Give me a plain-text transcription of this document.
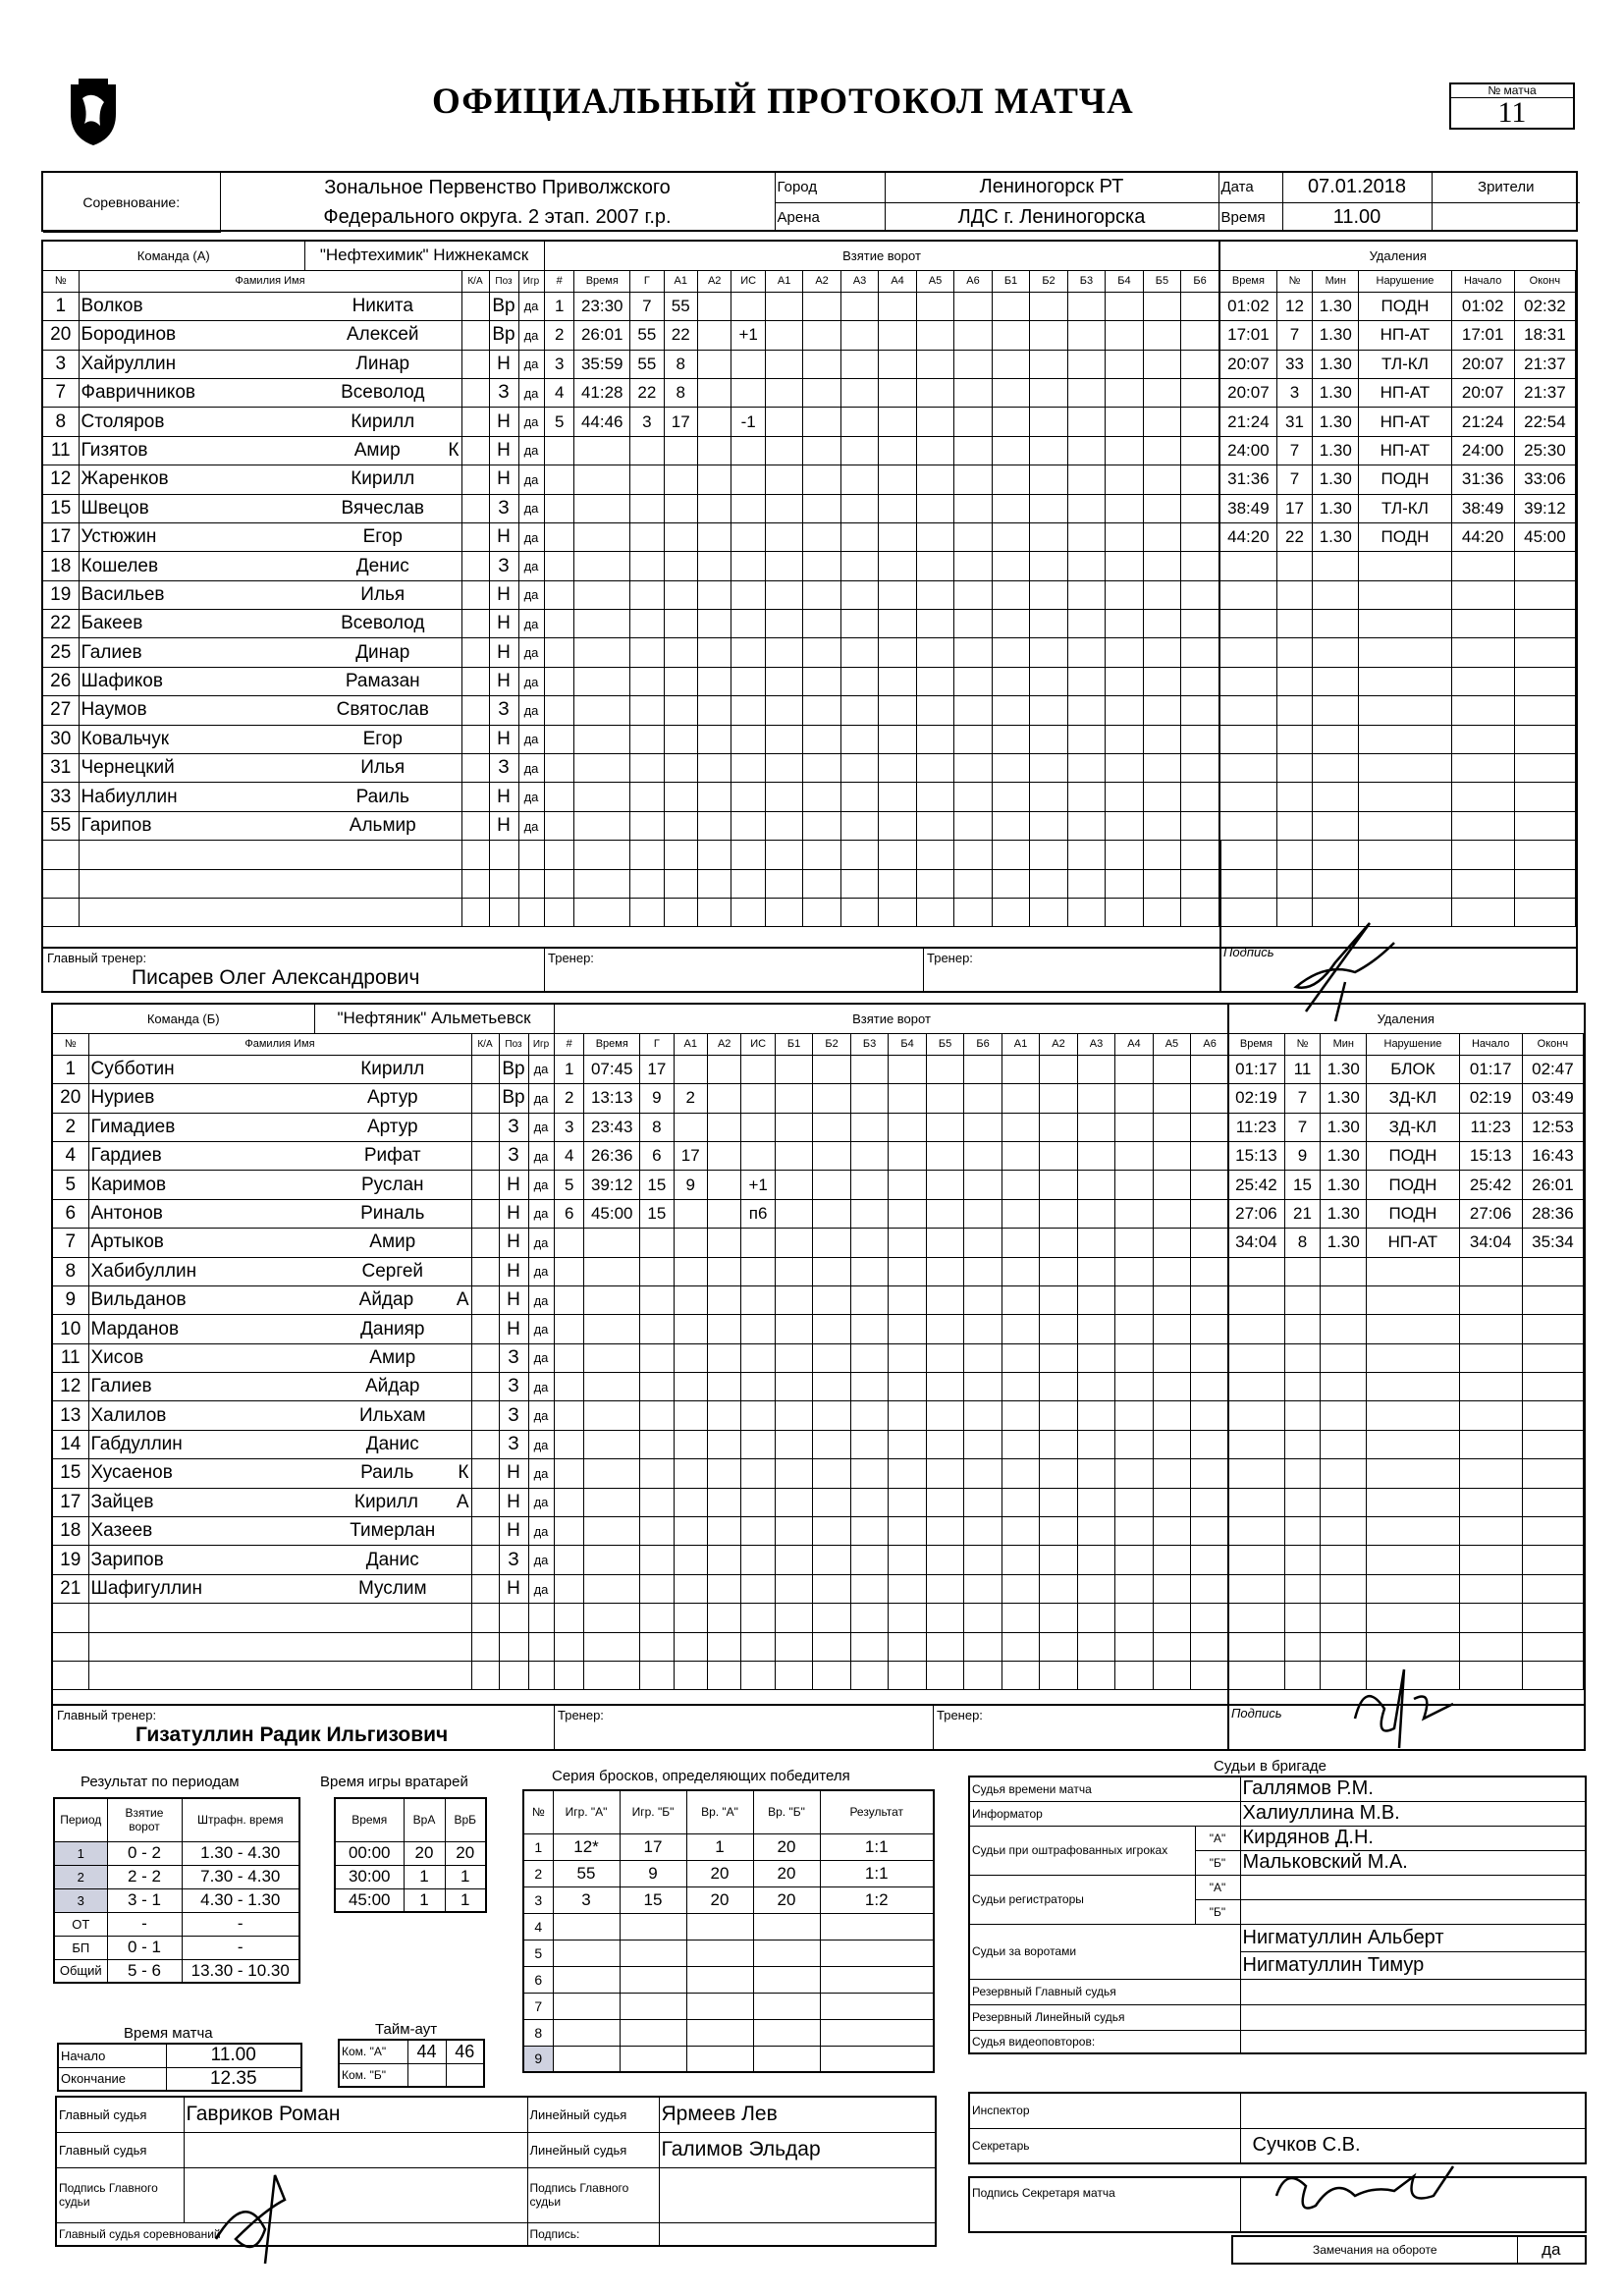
ОФИЦИАЛЬНЫЙ ПРОТОКОЛ МАТЧА	№ матча
11
Соревнование:	Зональное Первенство Приволжского	Город	Лениногорск РТ	Дата	07.01.2018	Зрители
	Федерального округа. 2 этап. 2007 г.р.	Арена	ЛДС г. Лениногорска	Время	11.00	
Команда (А)		"Нефтехимик" Нижнекамск			
№	Фамилия Имя		К/А	Поз	Игр
1	Волков	Никита		Вр	да
20	Бородинов	Алексей		Вр	да
3	Хайруллин	Линар		Н	да
7	Фавричников	Всеволод		З	да
8	Столяров	Кирилл		Н	да
11	Гизятов	Амир К		Н	да
12	Жаренков	Кирилл		Н	да
15	Швецов	Вячеслав		З	да
17	Устюжин	Егор		Н	да
18	Кошелев	Денис		З	да
19	Васильев	Илья		Н	да
22	Бакеев	Всеволод		Н	да
25	Галиев	Динар		Н	да
26	Шафиков	Рамазан		Н	да
27	Наумов	Святослав		З	да
30	Ковальчук	Егор		Н	да
31	Чернецкий	Илья		З	да
33	Набиуллин	Раиль		Н	да
55	Гарипов	Альмир		Н	да

Взятие ворот																	
#	Время	Г	А1	А2	ИС	А1	А2	А3	А4	А5	А6	Б1	Б2	Б3	Б4	Б5	Б6
1	23:30	7	55														
2	26:01	55	22		+1												
3	35:59	55	8														
4	41:28	22	8														
5	44:46	3	17		-1												

Удаления					
Время	№	Мин	Нарушение	Начало	Оконч
01:02	12	1.30	ПОДН	01:02	02:32
17:01	7	1.30	НП-АТ	17:01	18:31
20:07	33	1.30	ТЛ-КЛ	20:07	21:37
20:07	3	1.30	НП-АТ	20:07	21:37
21:24	31	1.30	НП-АТ	21:24	22:54
24:00	7	1.30	НП-АТ	24:00	25:30
31:36	7	1.30	ПОДН	31:36	33:06
38:49	17	1.30	ТЛ-КЛ	38:49	39:12
44:20	22	1.30	ПОДН	44:20	45:00

Главный тренер:
Писарев Олег Александрович
Тренер:	Тренер:	Подпись
Команда (Б)		"Нефтяник" Альметьевск			
№	Фамилия Имя		К/А	Поз	Игр
1	Субботин	Кирилл		Вр	да
20	Нуриев	Артур		Вр	да
2	Гимадиев	Артур		З	да
4	Гардиев	Рифат		З	да
5	Каримов	Руслан		Н	да
6	Антонов	Риналь		Н	да
7	Артыков	Амир		Н	да
8	Хабибуллин	Сергей		Н	да
9	Вильданов	Айдар А		Н	да
10	Марданов	Данияр		Н	да
11	Хисов	Амир		З	да
12	Галиев	Айдар		З	да
13	Халилов	Ильхам		З	да
14	Габдуллин	Данис		З	да
15	Хусаенов	Раиль К		Н	да
17	Зайцев	Кирилл А		Н	да
18	Хазеев	Тимерлан		Н	да
19	Зарипов	Данис		З	да
21	Шафигуллин	Муслим		Н	да

Взятие ворот																	
#	Время	Г	А1	А2	ИС	Б1	Б2	Б3	Б4	Б5	Б6	А1	А2	А3	А4	А5	А6
1	07:45	17															
2	13:13	9	2														
3	23:43	8															
4	26:36	6	17														
5	39:12	15	9		+1												
6	45:00	15			п6												

Удаления					
Время	№	Мин	Нарушение	Начало	Оконч
01:17	11	1.30	БЛОК	01:17	02:47
02:19	7	1.30	ЗД-КЛ	02:19	03:49
11:23	7	1.30	ЗД-КЛ	11:23	12:53
15:13	9	1.30	ПОДН	15:13	16:43
25:42	15	1.30	ПОДН	25:42	26:01
27:06	21	1.30	ПОДН	27:06	28:36
34:04	8	1.30	НП-АТ	34:04	35:34

Главный тренер:
Гизатуллин Радик Ильгизович
Тренер:	Тренер:	Подпись
Результат по периодам
Период	Взятие ворот	Штрафн. время
1	0 - 2	1.30 - 4.30
2	2 - 2	7.30 - 4.30
3	3 - 1	4.30 - 1.30
ОТ	-	-
БП	0 - 1	-
Общий	5 - 6	13.30 - 10.30
Время игры вратарей
Время	ВрА	ВрБ
00:00	20	20
30:00	1	1
45:00	1	1
Серия бросков, определяющих победителя
№	Игр. "А"	Игр. "Б"	Вр. "А"	Вр. "Б"	Результат
1	12*	17	1	20	1:1
2	55	9	20	20	1:1
3	3	15	20	20	1:2
4					
5					
6					
7					
8					
9					
Время матча
Начало	11.00
Окончание	12.35
Тайм-аут
Ком. "А"	44	46
Ком. "Б"		
Главный судья	Гавриков Роман	Линейный судья	Ярмеев Лев
Главный судья		Линейный судья	Галимов Эльдар
Подпись Главного судьи		Подпись Главного судьи	
Главный судья соревнований		Подпись:	
Судьи в бригаде
Судья времени матча		Галлямов Р.М.
Информатор		Халиуллина М.В.
Судьи при оштрафованных игроках	"А"	Кирдянов Д.Н.
	"Б"	Мальковский М.А.
Судьи регистраторы	"А"	
	"Б"	
Судьи за воротами		Нигматуллин Альберт
		Нигматуллин Тимур
Резервный Главный судья		
Резервный Линейный судья		
Судья видеоповторов:		
Инспектор	
Секретарь	Сучков С.В.
Подпись Секретаря матча	
Замечания на обороте	да
